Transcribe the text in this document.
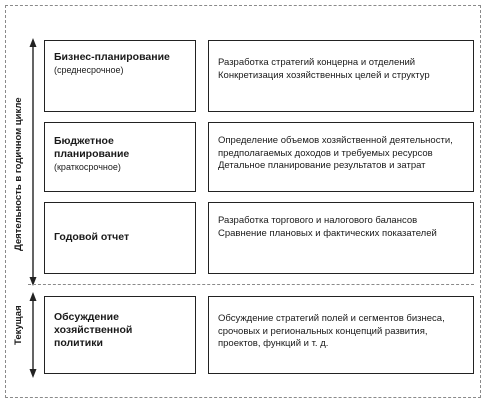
Деятельность в годичном цикле
Текущая
Бизнес-планирование
(среднесрочное)
Разработка стратегий концерна и отделений
Конкретизация хозяйственных целей и структур
Бюджетное
планирование
(краткосрочное)
Определение объемов хозяйственной деятельности,
предполагаемых доходов и требуемых ресурсов
Детальное планирование результатов и затрат
Годовой отчет
Разработка торгового и налогового балансов
Сравнение плановых и фактических показателей
Обсуждение
хозяйственной
политики
Обсуждение стратегий полей и сегментов бизнеса,
срочовых и региональных концепций развития,
проектов, функций и т. д.
